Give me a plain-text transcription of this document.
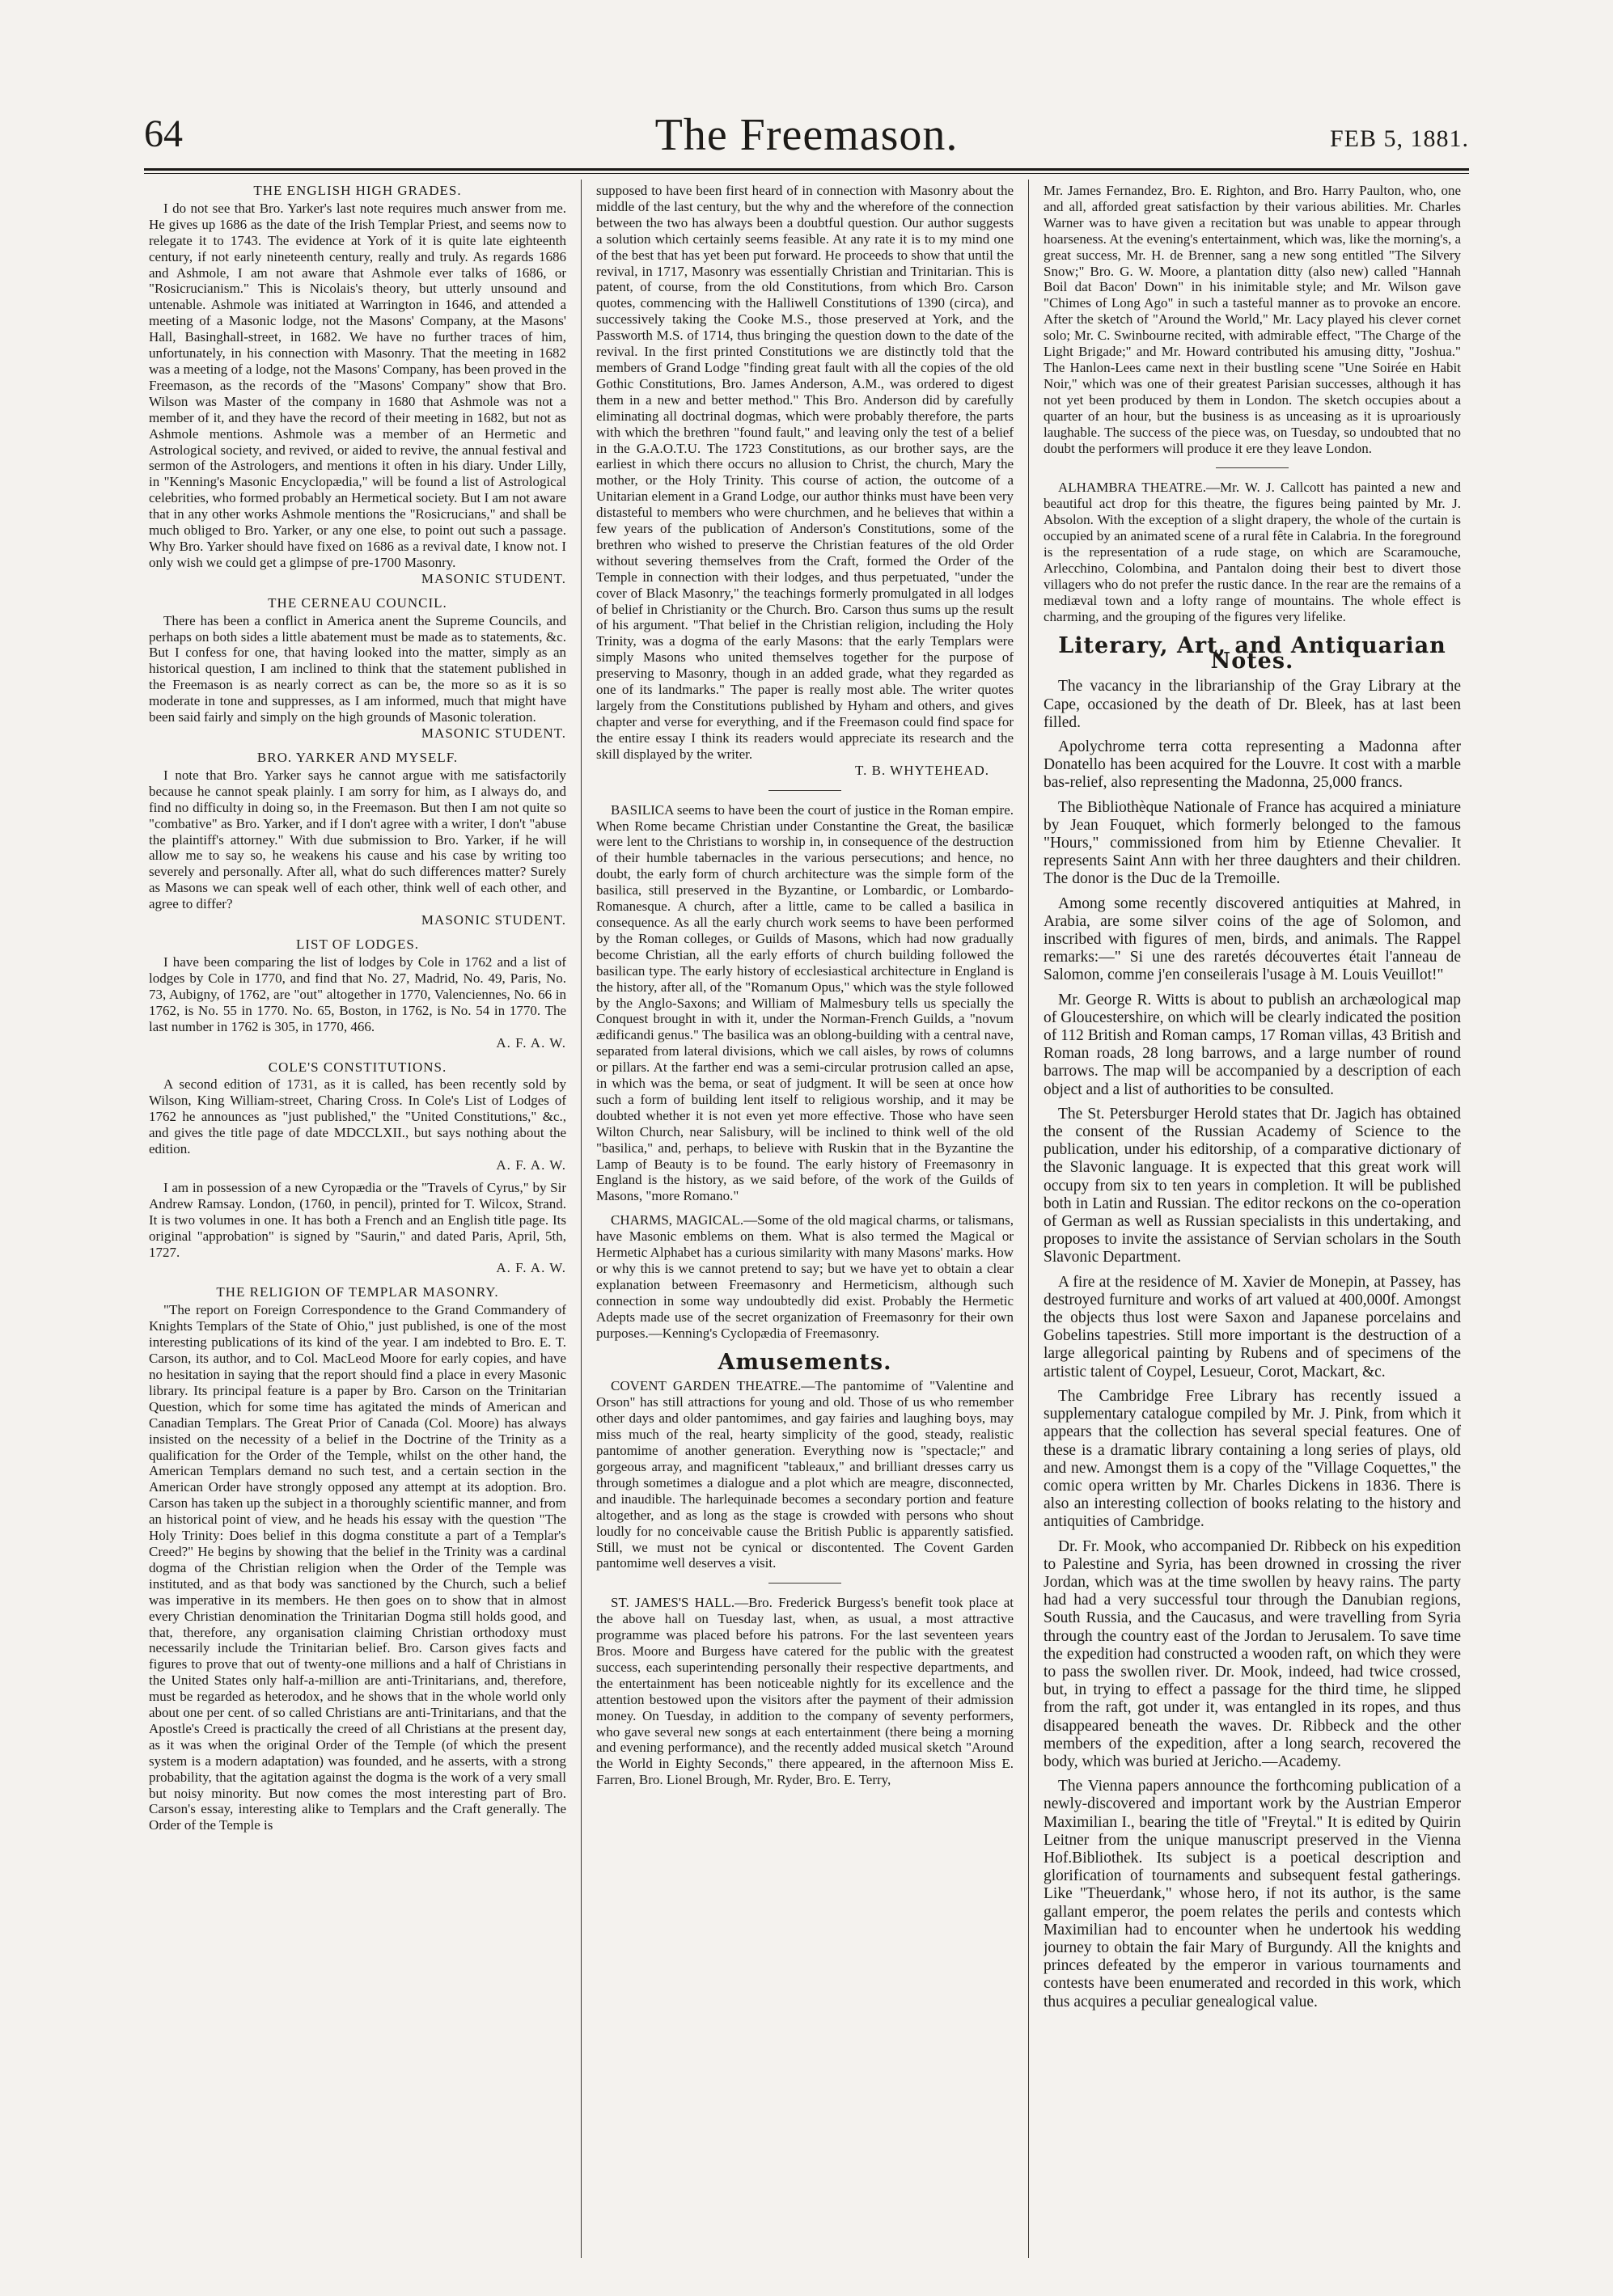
64	The Freemason.	FEB 5, 1881.
THE ENGLISH HIGH GRADES.

I do not see that Bro. Yarker's last note requires much answer from me. He gives up 1686 as the date of the Irish Templar Priest, and seems now to relegate it to 1743. The evidence at York of it is quite late eighteenth century, if not early nineteenth century, really and truly. As regards 1686 and Ashmole, I am not aware that Ashmole ever talks of 1686, or "Rosicrucianism." This is Nicolais's theory, but utterly unsound and untenable. Ashmole was initiated at Warrington in 1646, and attended a meeting of a Masonic lodge, not the Masons' Company, at the Masons' Hall, Basinghall-street, in 1682. We have no further traces of him, unfortunately, in his connection with Masonry. That the meeting in 1682 was a meeting of a lodge, not the Masons' Company, has been proved in the Freemason, as the records of the "Masons' Company" show that Bro. Wilson was Master of the company in 1680 that Ashmole was not a member of it, and they have the record of their meeting in 1682, but not as Ashmole mentions. Ashmole was a member of an Hermetic and Astrological society, and revived, or aided to revive, the annual festival and sermon of the Astrologers, and mentions it often in his diary. Under Lilly, in "Kenning's Masonic Encyclopædia," will be found a list of Astrological celebrities, who formed probably an Hermetical society. But I am not aware that in any other works Ashmole mentions the "Rosicrucians," and shall be much obliged to Bro. Yarker, or any one else, to point out such a passage. Why Bro. Yarker should have fixed on 1686 as a revival date, I know not. I only wish we could get a glimpse of pre-1700 Masonry.

MASONIC STUDENT.
THE CERNEAU COUNCIL.

There has been a conflict in America anent the Supreme Councils, and perhaps on both sides a little abatement must be made as to statements, &c. But I confess for one, that having looked into the matter, simply as an historical question, I am inclined to think that the statement published in the Freemason is as nearly correct as can be, the more so as it is so moderate in tone and suppresses, as I am informed, much that might have been said fairly and simply on the high grounds of Masonic toleration.

MASONIC STUDENT.
BRO. YARKER AND MYSELF.

I note that Bro. Yarker says he cannot argue with me satisfactorily because he cannot speak plainly. I am sorry for him, as I always do, and find no difficulty in doing so, in the Freemason. But then I am not quite so "combative" as Bro. Yarker, and if I don't agree with a writer, I don't "abuse the plaintiff's attorney." With due submission to Bro. Yarker, if he will allow me to say so, he weakens his cause and his case by writing too severely and personally. After all, what do such differences matter? Surely as Masons we can speak well of each other, think well of each other, and agree to differ?

MASONIC STUDENT.
LIST OF LODGES.

I have been comparing the list of lodges by Cole in 1762 and a list of lodges by Cole in 1770, and find that No. 27, Madrid, No. 49, Paris, No. 73, Aubigny, of 1762, are "out" altogether in 1770, Valenciennes, No. 66 in 1762, is No. 55 in 1770. No. 65, Boston, in 1762, is No. 54 in 1770. The last number in 1762 is 305, in 1770, 466.

A. F. A. W.
COLE'S CONSTITUTIONS.

A second edition of 1731, as it is called, has been recently sold by Wilson, King William-street, Charing Cross. In Cole's List of Lodges of 1762 he announces as "just published," the "United Constitutions," &c., and gives the title page of date MDCCLXII., but says nothing about the edition.

A. F. A. W.

I am in possession of a new Cyropædia or the "Travels of Cyrus," by Sir Andrew Ramsay. London, (1760, in pencil), printed for T. Wilcox, Strand. It is two volumes in one. It has both a French and an English title page. Its original "approbation" is signed by "Saurin," and dated Paris, April, 5th, 1727.

A. F. A. W.
THE RELIGION OF TEMPLAR MASONRY.

"The report on Foreign Correspondence to the Grand Commandery of Knights Templars of the State of Ohio," just published, is one of the most interesting publications of its kind of the year. I am indebted to Bro. E. T. Carson, its author, and to Col. MacLeod Moore for early copies, and have no hesitation in saying that the report should find a place in every Masonic library. Its principal feature is a paper by Bro. Carson on the Trinitarian Question, which for some time has agitated the minds of American and Canadian Templars. The Great Prior of Canada (Col. Moore) has always insisted on the necessity of a belief in the Doctrine of the Trinity as a qualification for the Order of the Temple, whilst on the other hand, the American Templars demand no such test, and a certain section in the American Order have strongly opposed any attempt at its adoption. Bro. Carson has taken up the subject in a thoroughly scientific manner, and from an historical point of view, and he heads his essay with the question "The Holy Trinity: Does belief in this dogma constitute a part of a Templar's Creed?" He begins by showing that the belief in the Trinity was a cardinal dogma of the Christian religion when the Order of the Temple was instituted, and as that body was sanctioned by the Church, such a belief was imperative in its members. He then goes on to show that in almost every Christian denomination the Trinitarian Dogma still holds good, and that, therefore, any organisation claiming Christian orthodoxy must necessarily include the Trinitarian belief. Bro. Carson gives facts and figures to prove that out of twenty-one millions and a half of Christians in the United States only half-a-million are anti-Trinitarians, and, therefore, must be regarded as heterodox, and he shows that in the whole world only about one per cent. of so called Christians are anti-Trinitarians, and that the Apostle's Creed is practically the creed of all Christians at the present day, as it was when the original Order of the Temple (of which the present system is a modern adaptation) was founded, and he asserts, with a strong probability, that the agitation against the dogma is the work of a very small but noisy minority. But now comes the most interesting part of Bro. Carson's essay, interesting alike to Templars and the Craft generally. The Order of the Temple is

supposed to have been first heard of in connection with Masonry about the middle of the last century, but the why and the wherefore of the connection between the two has always been a doubtful question. Our author suggests a solution which certainly seems feasible. At any rate it is to my mind one of the best that has yet been put forward. He proceeds to show that until the revival, in 1717, Masonry was essentially Christian and Trinitarian. This is patent, of course, from the old Constitutions, from which Bro. Carson quotes, commencing with the Halliwell Constitutions of 1390 (circa), and successively taking the Cooke M.S., those preserved at York, and the Passworth M.S. of 1714, thus bringing the question down to the date of the revival. In the first printed Constitutions we are distinctly told that the members of Grand Lodge "finding great fault with all the copies of the old Gothic Constitutions, Bro. James Anderson, A.M., was ordered to digest them in a new and better method." This Bro. Anderson did by carefully eliminating all doctrinal dogmas, which were probably therefore, the parts with which the brethren "found fault," and leaving only the test of a belief in the G.A.O.T.U. The 1723 Constitutions, as our brother says, are the earliest in which there occurs no allusion to Christ, the church, Mary the mother, or the Holy Trinity. This course of action, the outcome of a Unitarian element in a Grand Lodge, our author thinks must have been very distasteful to members who were churchmen, and he believes that within a few years of the publication of Anderson's Constitutions, some of the brethren who wished to preserve the Christian features of the old Order without severing themselves from the Craft, formed the Order of the Temple in connection with their lodges, and thus perpetuated, "under the cover of Black Masonry," the teachings formerly promulgated in all lodges of belief in Christianity or the Church. Bro. Carson thus sums up the result of his argument. "That belief in the Christian religion, including the Holy Trinity, was a dogma of the early Masons: that the early Templars were simply Masons who united themselves together for the purpose of preserving to Masonry, though in an added grade, what they regarded as one of its landmarks." The paper is really most able. The writer quotes largely from the Constitutions published by Hyham and others, and gives chapter and verse for everything, and if the Freemason could find space for the entire essay I think its readers would appreciate its research and the skill displayed by the writer.

T. B. WHYTEHEAD.

BASILICA seems to have been the court of justice in the Roman empire. When Rome became Christian under Constantine the Great, the basilicæ were lent to the Christians to worship in, in consequence of the destruction of their humble tabernacles in the various persecutions; and hence, no doubt, the early form of church architecture was the simple form of the basilica, still preserved in the Byzantine, or Lombardic, or Lombardo-Romanesque. A church, after a little, came to be called a basilica in consequence. As all the early church work seems to have been performed by the Roman colleges, or Guilds of Masons, which had now gradually become Christian, all the early efforts of church building followed the basilican type. The early history of ecclesiastical architecture in England is the history, after all, of the "Romanum Opus," which was the style followed by the Anglo-Saxons; and William of Malmesbury tells us specially the Conquest brought in with it, under the Norman-French Guilds, a "novum ædificandi genus." The basilica was an oblong-building with a central nave, separated from lateral divisions, which we call aisles, by rows of columns or pillars. At the farther end was a semi-circular protrusion called an apse, in which was the bema, or seat of judgment. It will be seen at once how such a form of building lent itself to religious worship, and it may be doubted whether it is not even yet more effective. Those who have seen Wilton Church, near Salisbury, will be inclined to think well of the old "basilica," and, perhaps, to believe with Ruskin that in the Byzantine the Lamp of Beauty is to be found. The early history of Freemasonry in England is the history, as we said before, of the work of the Guilds of Masons, "more Romano."

CHARMS, MAGICAL.—Some of the old magical charms, or talismans, have Masonic emblems on them. What is also termed the Magical or Hermetic Alphabet has a curious similarity with many Masons' marks. How or why this is we cannot pretend to say; but we have yet to obtain a clear explanation between Freemasonry and Hermeticism, although such connection in some way undoubtedly did exist. Probably the Hermetic Adepts made use of the secret organization of Freemasonry for their own purposes.—Kenning's Cyclopædia of Freemasonry.

Amusements.

COVENT GARDEN THEATRE.—The pantomime of "Valentine and Orson" has still attractions for young and old. Those of us who remember other days and older pantomimes, and gay fairies and laughing boys, may miss much of the real, hearty simplicity of the good, steady, realistic pantomime of another generation. Everything now is "spectacle;" and gorgeous array, and magnificent "tableaux," and brilliant dresses carry us through sometimes a dialogue and a plot which are meagre, disconnected, and inaudible. The harlequinade becomes a secondary portion and feature altogether, and as long as the stage is crowded with persons who shout loudly for no conceivable cause the British Public is apparently satisfied. Still, we must not be cynical or discontented. The Covent Garden pantomime well deserves a visit.

ST. JAMES'S HALL.—Bro. Frederick Burgess's benefit took place at the above hall on Tuesday last, when, as usual, a most attractive programme was placed before his patrons. For the last seventeen years Bros. Moore and Burgess have catered for the public with the greatest success, each superintending personally their respective departments, and the entertainment has been noticeable nightly for its excellence and the attention bestowed upon the visitors after the payment of their admission money. On Tuesday, in addition to the company of seventy performers, who gave several new songs at each entertainment (there being a morning and evening performance), and the recently added musical sketch "Around the World in Eighty Seconds," there appeared, in the afternoon Miss E. Farren, Bro. Lionel Brough, Mr. Ryder, Bro. E. Terry,

Mr. James Fernandez, Bro. E. Righton, and Bro. Harry Paulton, who, one and all, afforded great satisfaction by their various abilities. Mr. Charles Warner was to have given a recitation but was unable to appear through hoarseness. At the evening's entertainment, which was, like the morning's, a great success, Mr. H. de Brenner, sang a new song entitled "The Silvery Snow;" Bro. G. W. Moore, a plantation ditty (also new) called "Hannah Boil dat Bacon' Down" in his inimitable style; and Mr. Wilson gave "Chimes of Long Ago" in such a tasteful manner as to provoke an encore. After the sketch of "Around the World," Mr. Lacy played his clever cornet solo; Mr. C. Swinbourne recited, with admirable effect, "The Charge of the Light Brigade;" and Mr. Howard contributed his amusing ditty, "Joshua." The Hanlon-Lees came next in their bustling scene "Une Soirée en Habit Noir," which was one of their greatest Parisian successes, although it has not yet been produced by them in London. The sketch occupies about a quarter of an hour, but the business is as unceasing as it is uproariously laughable. The success of the piece was, on Tuesday, so undoubted that no doubt the performers will produce it ere they leave London.

ALHAMBRA THEATRE.—Mr. W. J. Callcott has painted a new and beautiful act drop for this theatre, the figures being painted by Mr. J. Absolon. With the exception of a slight drapery, the whole of the curtain is occupied by an animated scene of a rural fête in Calabria. In the foreground is the representation of a rude stage, on which are Scaramouche, Arlecchino, Colombina, and Pantalon doing their best to divert those villagers who do not prefer the rustic dance. In the rear are the remains of a mediæval town and a lofty range of mountains. The whole effect is charming, and the grouping of the figures very lifelike.

Literary, Art, and Antiquarian Notes.

The vacancy in the librarianship of the Gray Library at the Cape, occasioned by the death of Dr. Bleek, has at last been filled.

Apolychrome terra cotta representing a Madonna after Donatello has been acquired for the Louvre. It cost with a marble bas-relief, also representing the Madonna, 25,000 francs.

The Bibliothèque Nationale of France has acquired a miniature by Jean Fouquet, which formerly belonged to the famous "Hours," commissioned from him by Etienne Chevalier. It represents Saint Ann with her three daughters and their children. The donor is the Duc de la Tremoille.

Among some recently discovered antiquities at Mahred, in Arabia, are some silver coins of the age of Solomon, and inscribed with figures of men, birds, and animals. The Rappel remarks:—" Si une des raretés découvertes était l'anneau de Salomon, comme j'en conseilerais l'usage à M. Louis Veuillot!"

Mr. George R. Witts is about to publish an archæological map of Gloucestershire, on which will be clearly indicated the position of 112 British and Roman camps, 17 Roman villas, 43 British and Roman roads, 28 long barrows, and a large number of round barrows. The map will be accompanied by a description of each object and a list of authorities to be consulted.

The St. Petersburger Herold states that Dr. Jagich has obtained the consent of the Russian Academy of Science to the publication, under his editorship, of a comparative dictionary of the Slavonic language. It is expected that this great work will occupy from six to ten years in completion. It will be published both in Latin and Russian. The editor reckons on the co-operation of German as well as Russian specialists in this undertaking, and proposes to invite the assistance of Servian scholars in the South Slavonic Department.

A fire at the residence of M. Xavier de Monepin, at Passey, has destroyed furniture and works of art valued at 400,000f. Amongst the objects thus lost were Saxon and Japanese porcelains and Gobelins tapestries. Still more important is the destruction of a large allegorical painting by Rubens and of specimens of the artistic talent of Coypel, Lesueur, Corot, Mackart, &c.

The Cambridge Free Library has recently issued a supplementary catalogue compiled by Mr. J. Pink, from which it appears that the collection has several special features. One of these is a dramatic library containing a long series of plays, old and new. Amongst them is a copy of the "Village Coquettes," the comic opera written by Mr. Charles Dickens in 1836. There is also an interesting collection of books relating to the history and antiquities of Cambridge.

Dr. Fr. Mook, who accompanied Dr. Ribbeck on his expedition to Palestine and Syria, has been drowned in crossing the river Jordan, which was at the time swollen by heavy rains. The party had had a very successful tour through the Danubian regions, South Russia, and the Caucasus, and were travelling from Syria through the country east of the Jordan to Jerusalem. To save time the expedition had constructed a wooden raft, on which they were to pass the swollen river. Dr. Mook, indeed, had twice crossed, but, in trying to effect a passage for the third time, he slipped from the raft, got under it, was entangled in its ropes, and thus disappeared beneath the waves. Dr. Ribbeck and the other members of the expedition, after a long search, recovered the body, which was buried at Jericho.—Academy.

The Vienna papers announce the forthcoming publication of a newly-discovered and important work by the Austrian Emperor Maximilian I., bearing the title of "Freytal." It is edited by Quirin Leitner from the unique manuscript preserved in the Vienna Hof.Bibliothek. Its subject is a poetical description and glorification of tournaments and subsequent festal gatherings. Like "Theuerdank," whose hero, if not its author, is the same gallant emperor, the poem relates the perils and contests which Maximilian had to encounter when he undertook his wedding journey to obtain the fair Mary of Burgundy. All the knights and princes defeated by the emperor in various tournaments and contests have been enumerated and recorded in this work, which thus acquires a peculiar genealogical value.
